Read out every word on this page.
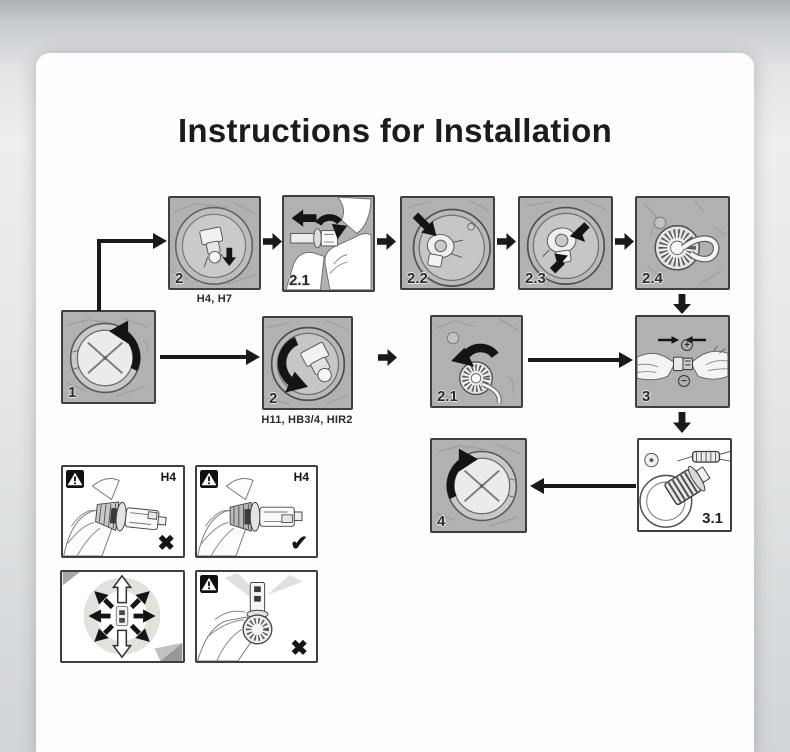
Instructions for Installation
2
H4, H7
2.1	2.2	2.3	2.4
1	2
H11, HB3/4, HIR2
2.1
+
−
3
4	3.1
H4
✖
H4
✔
✖
